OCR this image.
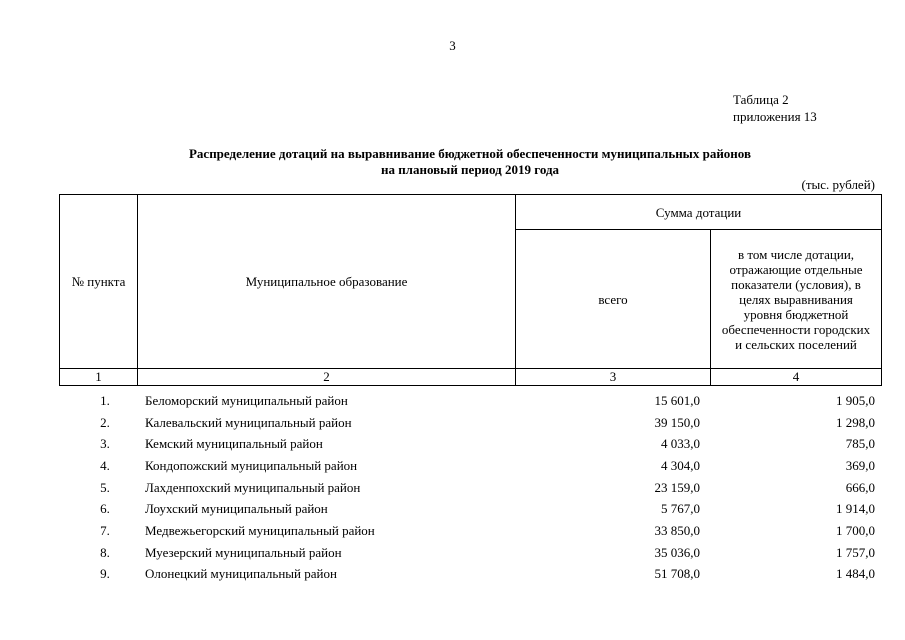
3
Таблица 2
приложения 13
Распределение дотаций на выравнивание бюджетной обеспеченности муниципальных районов
на плановый период 2019 года
(тыс. рублей)
№ пункта	Муниципальное образование	Сумма дотации	
		всего	в том числе дотации, отражающие отдельные показатели (условия), в целях выравнивания уровня бюджетной обеспеченности городских и сельских поселений
1	2	3	4
1.	Беломорский муниципальный район	15 601,0	1 905,0
2.	Калевальский муниципальный район	39 150,0	1 298,0
3.	Кемский муниципальный район	4 033,0	785,0
4.	Кондопожский муниципальный район	4 304,0	369,0
5.	Лахденпохский муниципальный район	23 159,0	666,0
6.	Лоухский муниципальный район	5 767,0	1 914,0
7.	Медвежьегорский муниципальный район	33 850,0	1 700,0
8.	Муезерский муниципальный район	35 036,0	1 757,0
9.	Олонецкий муниципальный район	51 708,0	1 484,0
